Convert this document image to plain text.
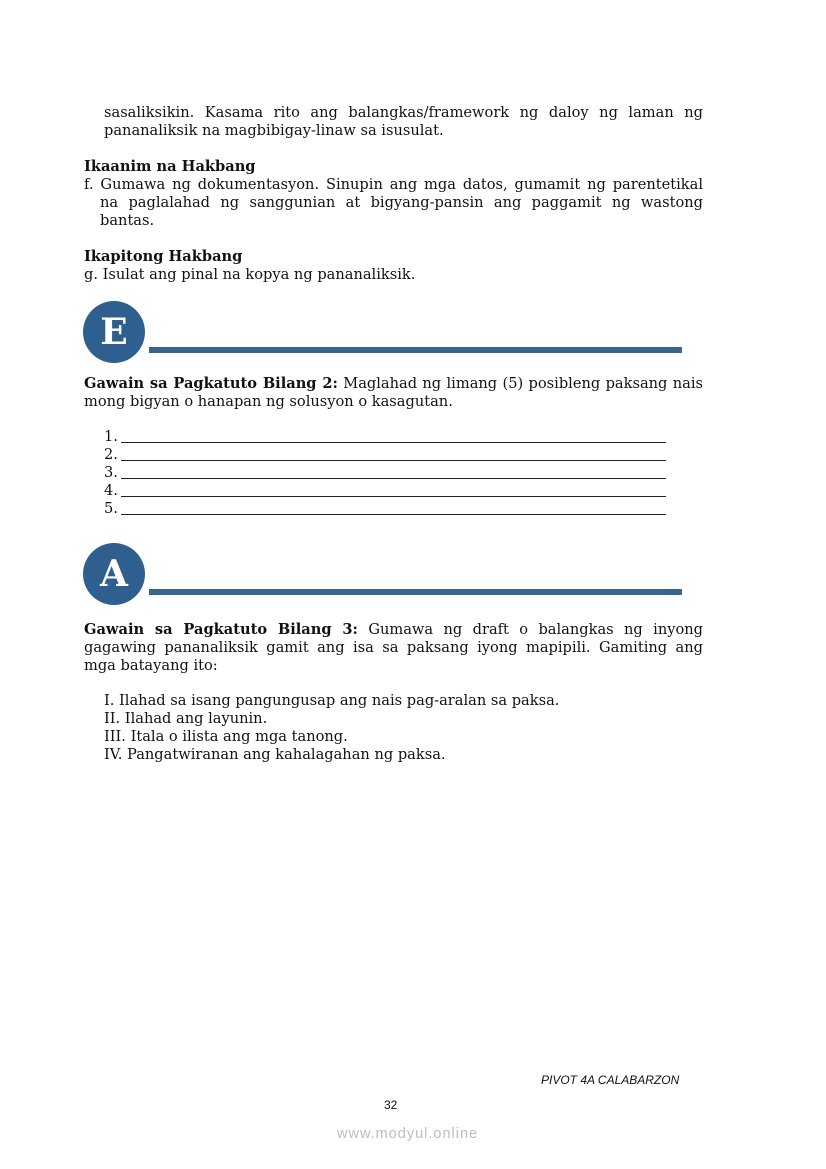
sasaliksikin. Kasama rito ang balangkas/framework ng daloy ng laman ng
pananaliksik na magbibigay-linaw sa isusulat.
Ikaanim na Hakbang
f. Gumawa ng dokumentasyon. Sinupin ang mga datos, gumamit ng parentetikal
na paglalahad ng sanggunian at bigyang-pansin ang paggamit ng wastong
bantas.
Ikapitong Hakbang
g. Isulat ang pinal na kopya ng pananaliksik.
E
Gawain sa Pagkatuto Bilang 2: Maglahad ng limang (5) posibleng paksang nais
mong bigyan o hanapan ng solusyon o kasagutan.
1.
2.
3.
4.
5.
A
Gawain sa Pagkatuto Bilang 3: Gumawa ng draft o balangkas ng inyong
gagawing pananaliksik gamit ang isa sa paksang iyong mapipili. Gamiting ang
mga batayang ito:
I. Ilahad sa isang pangungusap ang nais pag-aralan sa paksa.
II. Ilahad ang layunin.
III. Itala o ilista ang mga tanong.
IV. Pangatwiranan ang kahalagahan ng paksa.
PIVOT 4A CALABARZON
32
www.modyul.online
